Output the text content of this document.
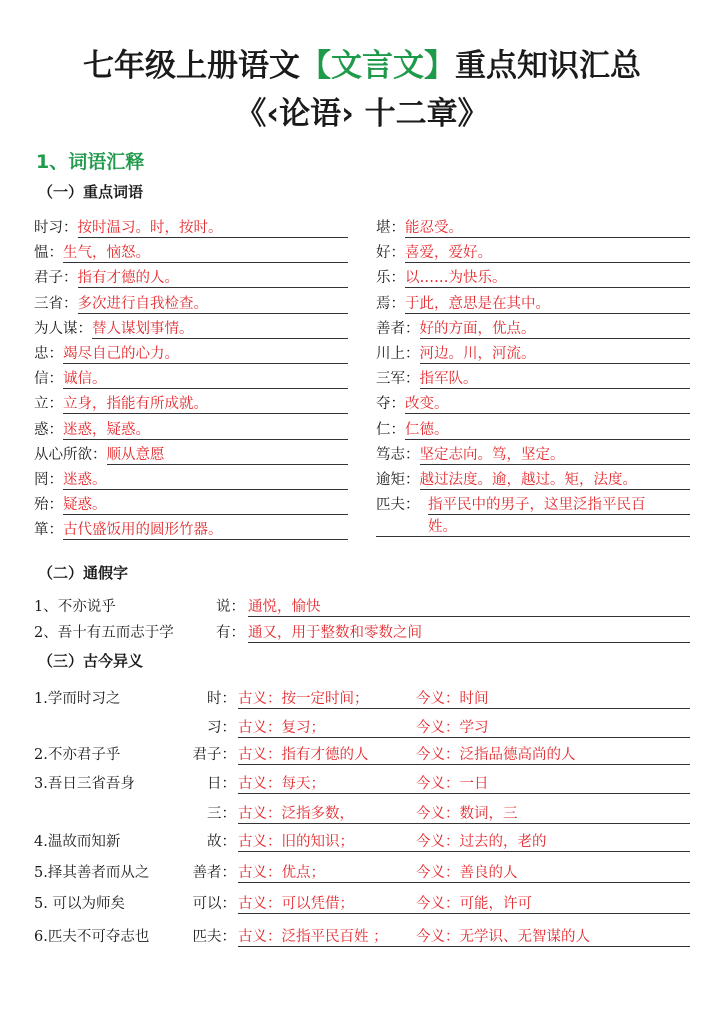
七年级上册语文【文言文】重点知识汇总
《‹论语› 十二章》
1、词语汇释
（一）重点词语
时习：按时温习。时，按时。
愠：生气，恼怒。
君子：指有才德的人。
三省：多次进行自我检查。
为人谋：替人谋划事情。
忠：竭尽自己的心力。
信：诚信。
立：立身，指能有所成就。
惑：迷惑，疑惑。
从心所欲：顺从意愿
罔：迷惑。
殆：疑惑。
箪：古代盛饭用的圆形竹器。
堪：能忍受。
好：喜爱，爱好。
乐：以……为快乐。
焉：于此，意思是在其中。
善者：好的方面，优点。
川上：河边。川，河流。
三军：指军队。
夺：改变。
仁：仁德。
笃志：坚定志向。笃，坚定。
逾矩：越过法度。逾，越过。矩，法度。
匹夫： 指平民中的男子，这里泛指平民百
姓。
（二）通假字
1、不亦说乎	说： 通悦，愉快
2、吾十有五而志于学	有： 通又，用于整数和零数之间
（三）古今异义
1.学而时习之	时： 古义：按一定时间；	今义：时间
习： 古义：复习；	今义：学习
2.不亦君子乎	君子： 古义：指有才德的人	今义：泛指品德高尚的人
3.吾日三省吾身	日： 古义：每天；	今义：一日
三： 古义：泛指多数，	今义：数词，三
4.温故而知新	故： 古义：旧的知识；	今义：过去的，老的
5.择其善者而从之	善者： 古义：优点；	今义：善良的人
5. 可以为师矣	可以： 古义：可以凭借；	今义：可能，许可
6.匹夫不可夺志也	匹夫： 古义：泛指平民百姓 ； 今义：无学识、无智谋的人
